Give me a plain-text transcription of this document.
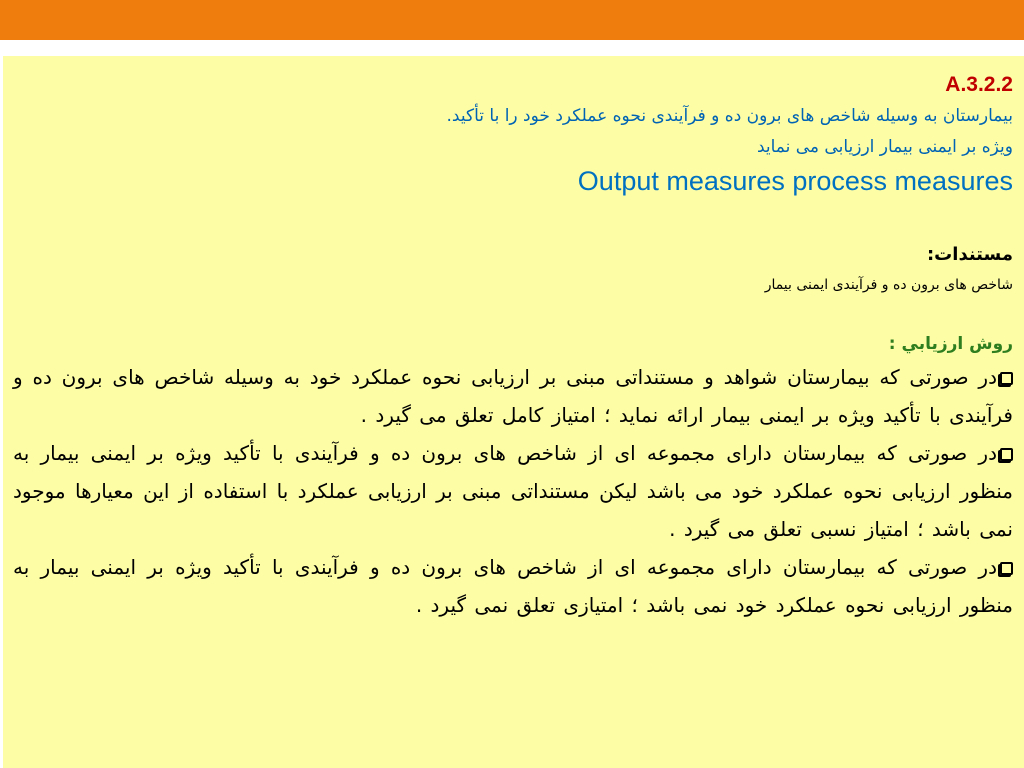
A.3.2.2
بیمارستان به وسیله شاخص های برون ده و فرآیندی نحوه عملکرد خود را با تأکید.
ویژه بر ایمنی بیمار ارزیابی می نماید
Output measures process measures
مستندات:
شاخص های برون ده و فرآیندی ایمنی بیمار
روش ارزيابي :
در صورتی که بیمارستان شواهد و مستنداتی مبنی بر ارزیابی نحوه عملکرد خود به وسیله شاخص های برون ده و فرآیندی با تأکید ویژه بر ایمنی بیمار ارائه نماید ؛ امتیاز کامل تعلق می گیرد .
در صورتی که بیمارستان دارای مجموعه ای از شاخص های برون ده و فرآیندی با تأکید ویژه بر ایمنی بیمار به منظور ارزیابی نحوه عملکرد خود می باشد لیکن مستنداتی مبنی بر ارزیابی عملکرد با استفاده از این معیارها موجود نمی باشد ؛ امتیاز نسبی تعلق می گیرد .
در صورتی که بیمارستان دارای مجموعه ای از شاخص های برون ده و فرآیندی با تأکید ویژه بر ایمنی بیمار به منظور ارزیابی نحوه عملکرد خود نمی باشد ؛ امتیازی تعلق نمی گیرد .
